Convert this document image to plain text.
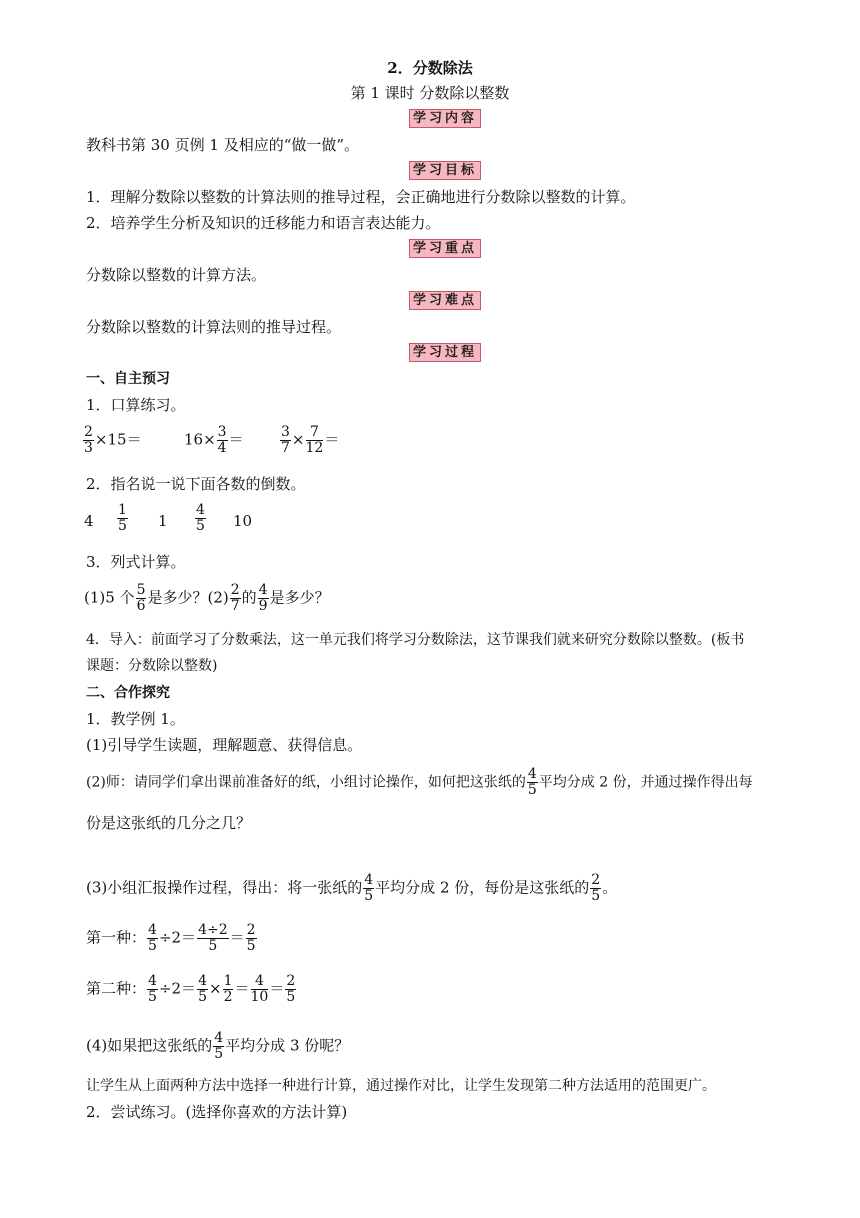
2．分数除法
第 1 课时 分数除以整数
学习内容
教科书第 30 页例 1 及相应的“做一做”。
学习目标
1．理解分数除以整数的计算法则的推导过程，会正确地进行分数除以整数的计算。
2．培养学生分析及知识的迁移能力和语言表达能力。
学习重点
分数除以整数的计算方法。
学习难点
分数除以整数的计算法则的推导过程。
学习过程
一、自主预习
1．口算练习。
$\frac{2}{3} \times 15=$	$16\times \frac{3}{4}$ ＝	$\frac{3}{7} \times \frac{7}{12}$ ＝
2．指名说一说下面各数的倒数。
$4 \frac{1}{5} 1 \frac{4}{5} 10$
3．列式计算。
(1)5 个 $\frac{5}{6}$ 是多少？$(2) \frac{2}{7}$ 的 $\frac{4}{9}$ 是多少？
4．导入：前面学习了分数乘法，这一单元我们将学习分数除法，这节课我们就来研究分数除以整数。(板书
课题：分数除以整数)
二、合作探究
1．教学例 1。
(1)引导学生读题，理解题意、获得信息。
(2)师：请同学们拿出课前准备好的纸，小组讨论操作，如何把这张纸的 $\frac{4}{5}$ 平均分成 2 份，并通过操作得出每
份是这张纸的几分之几？
(3)小组汇报操作过程，得出：将一张纸的 $\frac{4}{5}$ 平均分成 2 份，每份是这张纸的 $\frac{2}{5}$ 。
第一种： $\frac{4}{5} \div 2= \frac{4\div 2}{5} = \frac{2}{5}$
第二种： $\frac{4}{5} \div 2= \frac{4}{5} \times \frac{1}{2} = \frac{4}{10} = \frac{2}{5}$
(4)如果把这张纸的 $\frac{4}{5}$ 平均分成 3 份呢？
让学生从上面两种方法中选择一种进行计算，通过操作对比，让学生发现第二种方法适用的范围更广。
2．尝试练习。(选择你喜欢的方法计算)
